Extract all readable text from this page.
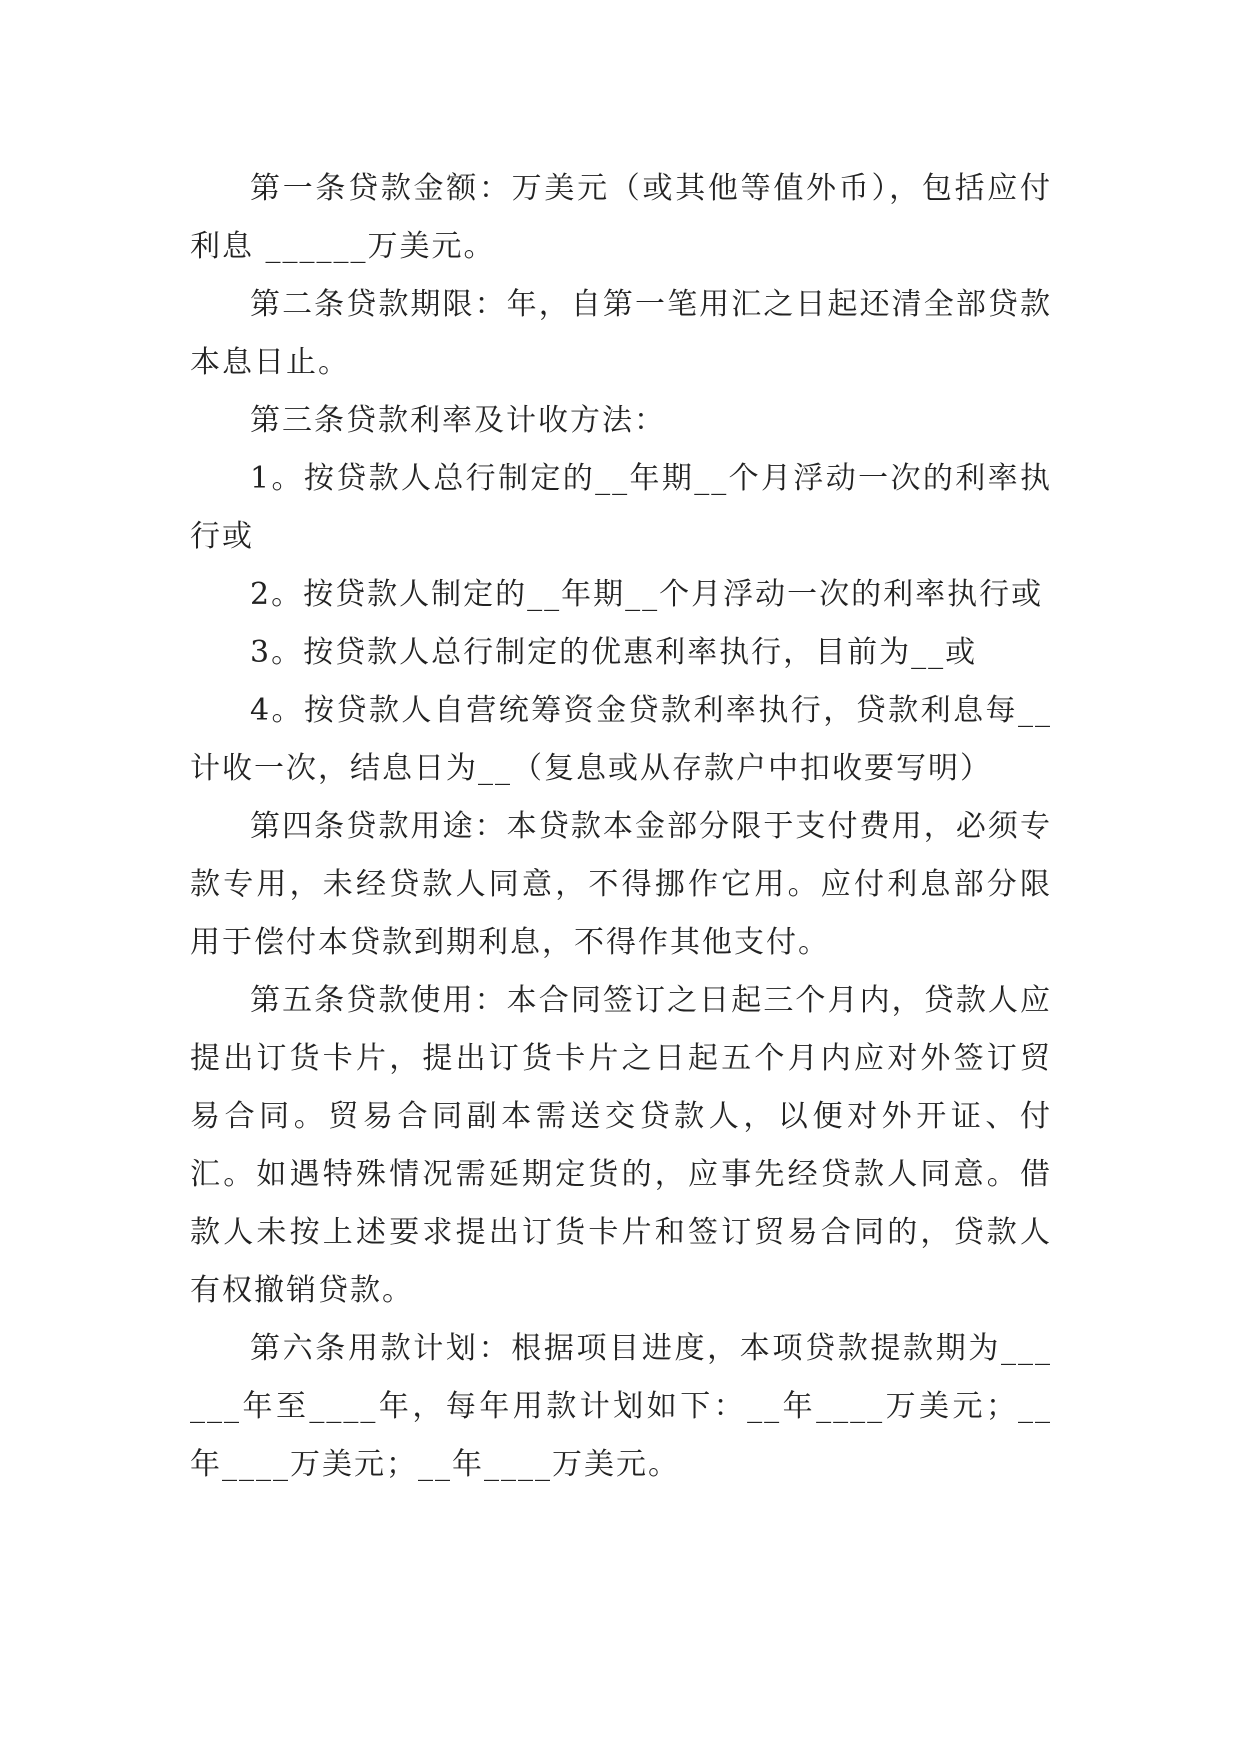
第一条贷款金额：万美元（或其他等值外币），包括应付利息 ______万美元。

第二条贷款期限：年，自第一笔用汇之日起还清全部贷款本息日止。

第三条贷款利率及计收方法：

1。按贷款人总行制定的__年期__个月浮动一次的利率执行或

2。按贷款人制定的__年期__个月浮动一次的利率执行或

3。按贷款人总行制定的优惠利率执行，目前为__或

4。按贷款人自营统筹资金贷款利率执行，贷款利息每__计收一次，结息日为__（复息或从存款户中扣收要写明）

第四条贷款用途：本贷款本金部分限于支付费用，必须专款专用，未经贷款人同意，不得挪作它用。应付利息部分限用于偿付本贷款到期利息，不得作其他支付。

第五条贷款使用：本合同签订之日起三个月内，贷款人应提出订货卡片，提出订货卡片之日起五个月内应对外签订贸易合同。贸易合同副本需送交贷款人，以便对外开证、付汇。如遇特殊情况需延期定货的，应事先经贷款人同意。借款人未按上述要求提出订货卡片和签订贸易合同的，贷款人有权撤销贷款。

第六条用款计划：根据项目进度，本项贷款提款期为______年至____年，每年用款计划如下：__年____万美元；__年____万美元；__年____万美元。
